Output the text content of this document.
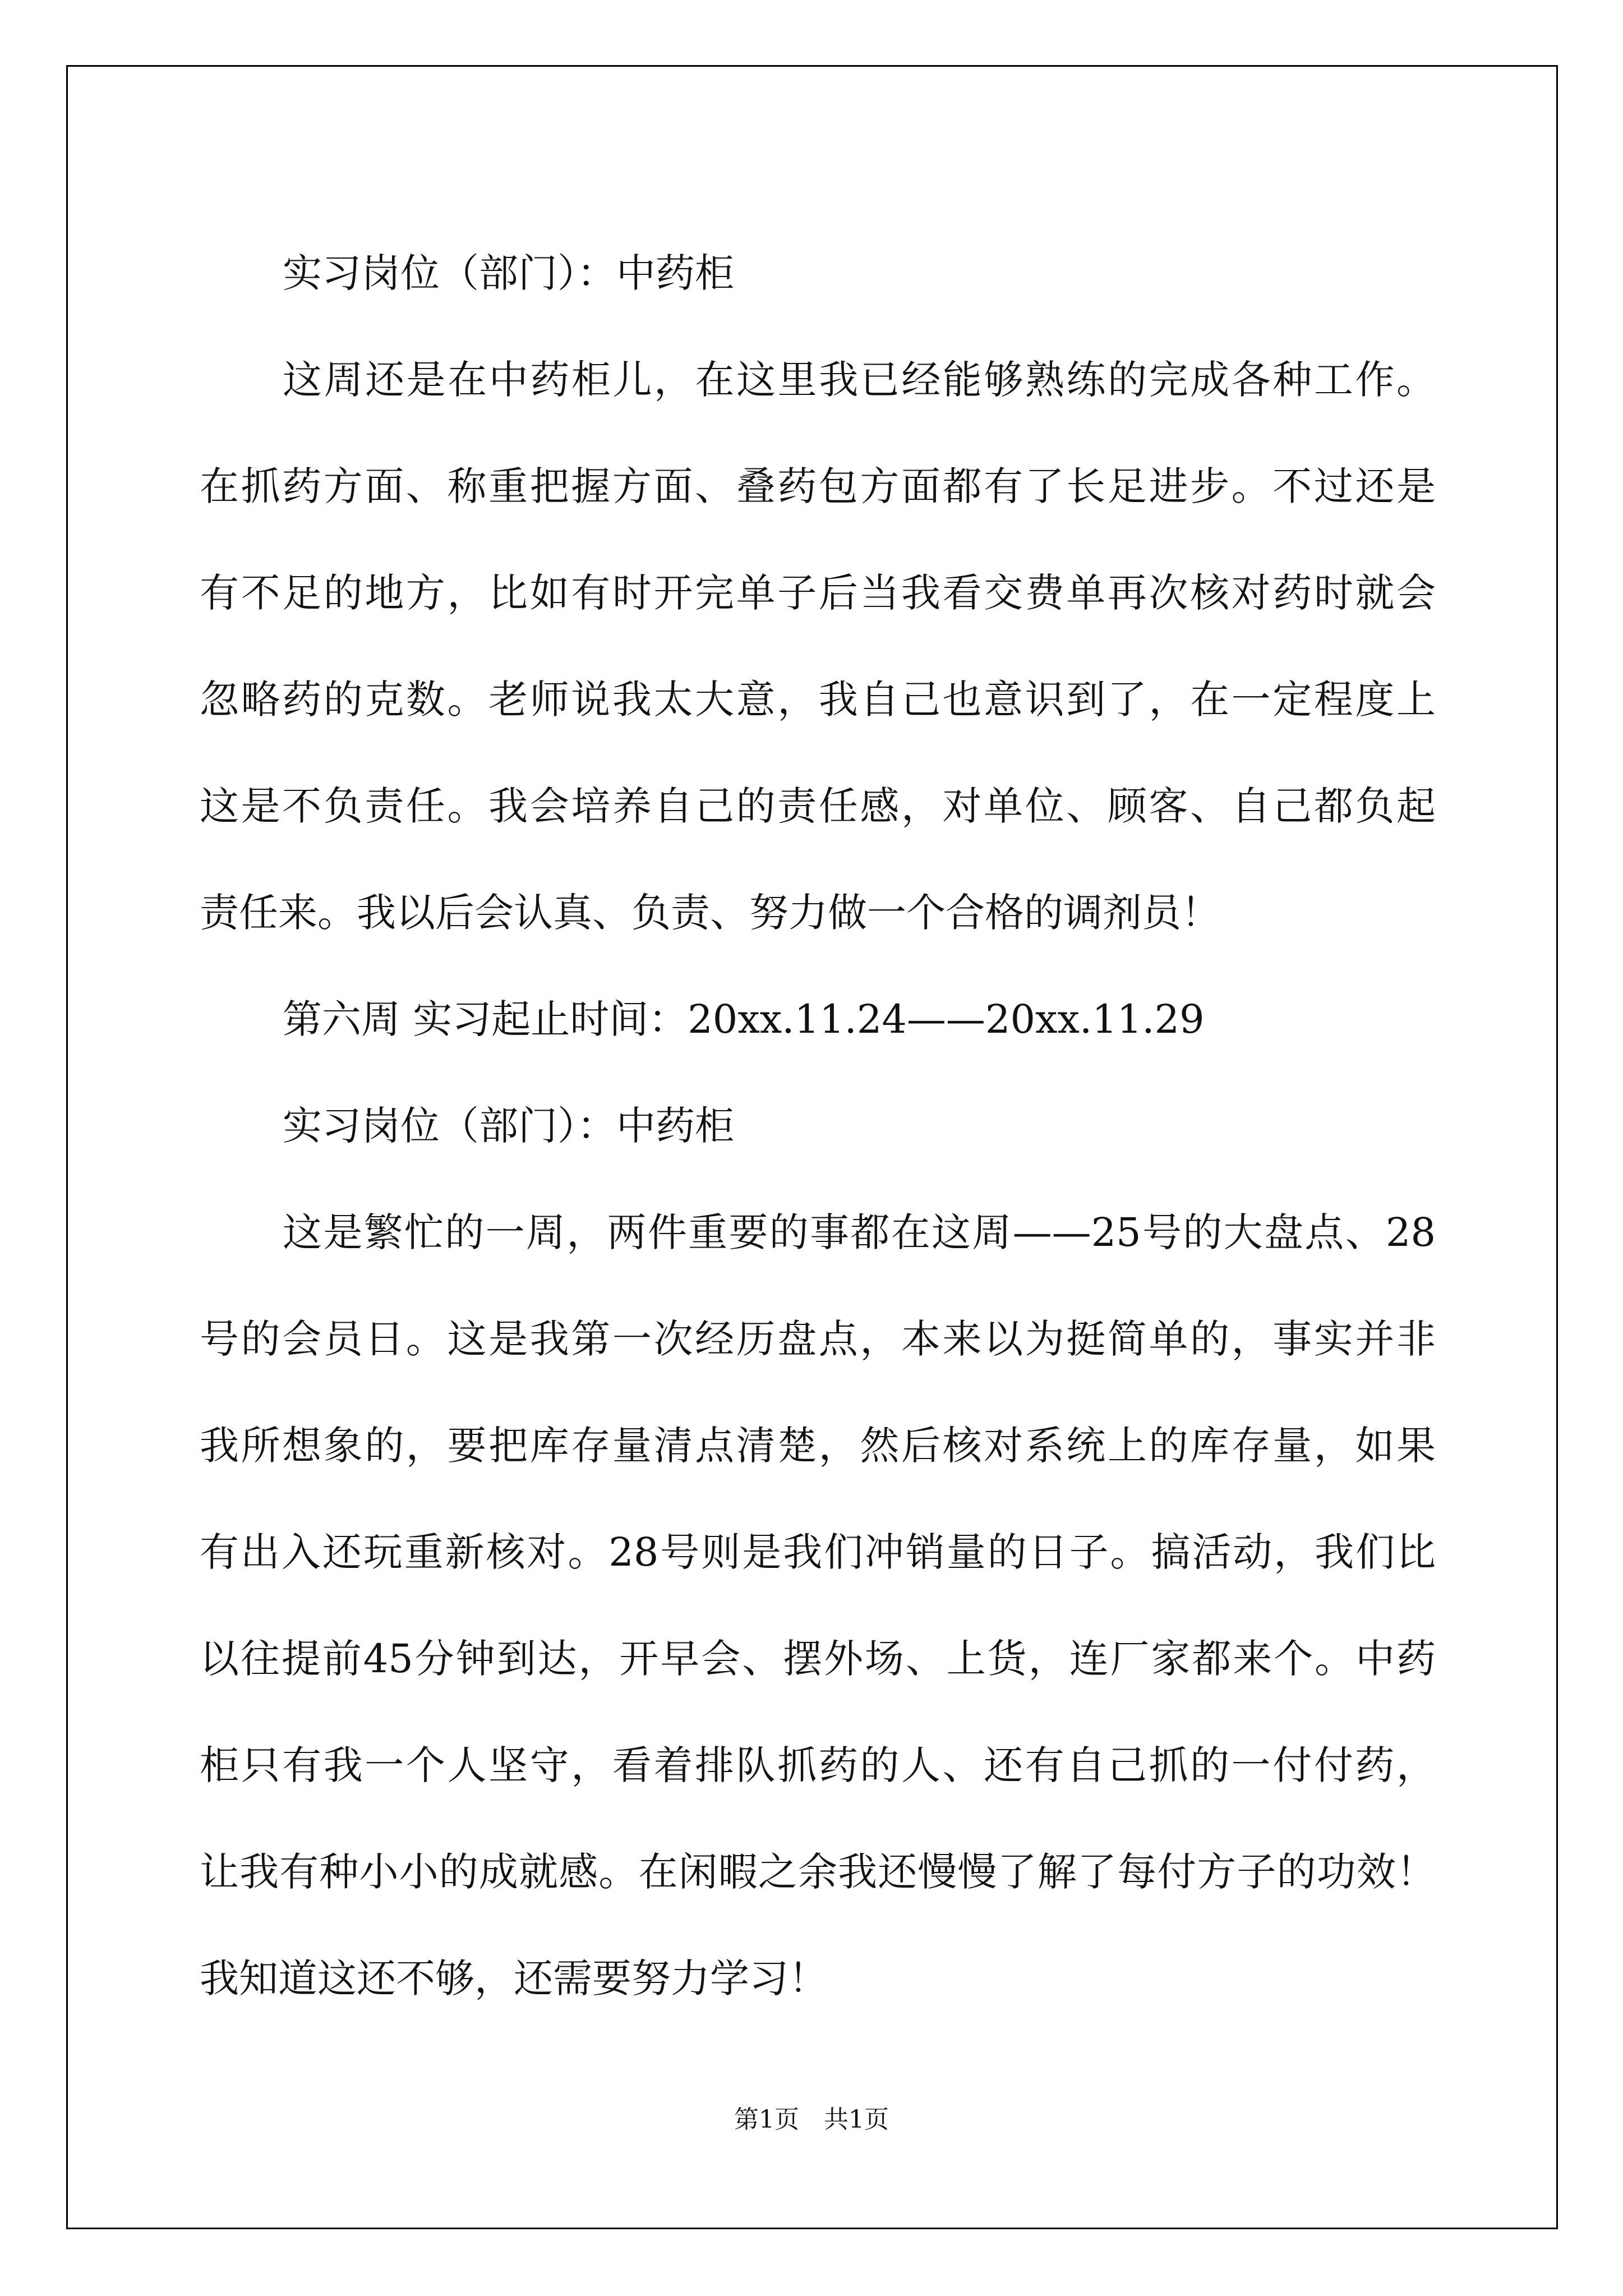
实习岗位（部门）：中药柜

这周还是在中药柜儿，在这里我已经能够熟练的完成各种工作。

在抓药方面、称重把握方面、叠药包方面都有了长足进步。不过还是

有不足的地方，比如有时开完单子后当我看交费单再次核对药时就会

忽略药的克数。老师说我太大意，我自己也意识到了，在一定程度上

这是不负责任。我会培养自己的责任感，对单位、顾客、自己都负起

责任来。我以后会认真、负责、努力做一个合格的调剂员！

第六周 实习起止时间：20xx.11.24——20xx.11.29

实习岗位（部门）：中药柜

这是繁忙的一周，两件重要的事都在这周——25号的大盘点、28

号的会员日。这是我第一次经历盘点，本来以为挺简单的，事实并非

我所想象的，要把库存量清点清楚，然后核对系统上的库存量，如果

有出入还玩重新核对。28号则是我们冲销量的日子。搞活动，我们比

以往提前45分钟到达，开早会、摆外场、上货，连厂家都来个。中药

柜只有我一个人坚守，看着排队抓药的人、还有自己抓的一付付药，

让我有种小小的成就感。在闲暇之余我还慢慢了解了每付方子的功效！

我知道这还不够，还需要努力学习！

第1页　共1页
